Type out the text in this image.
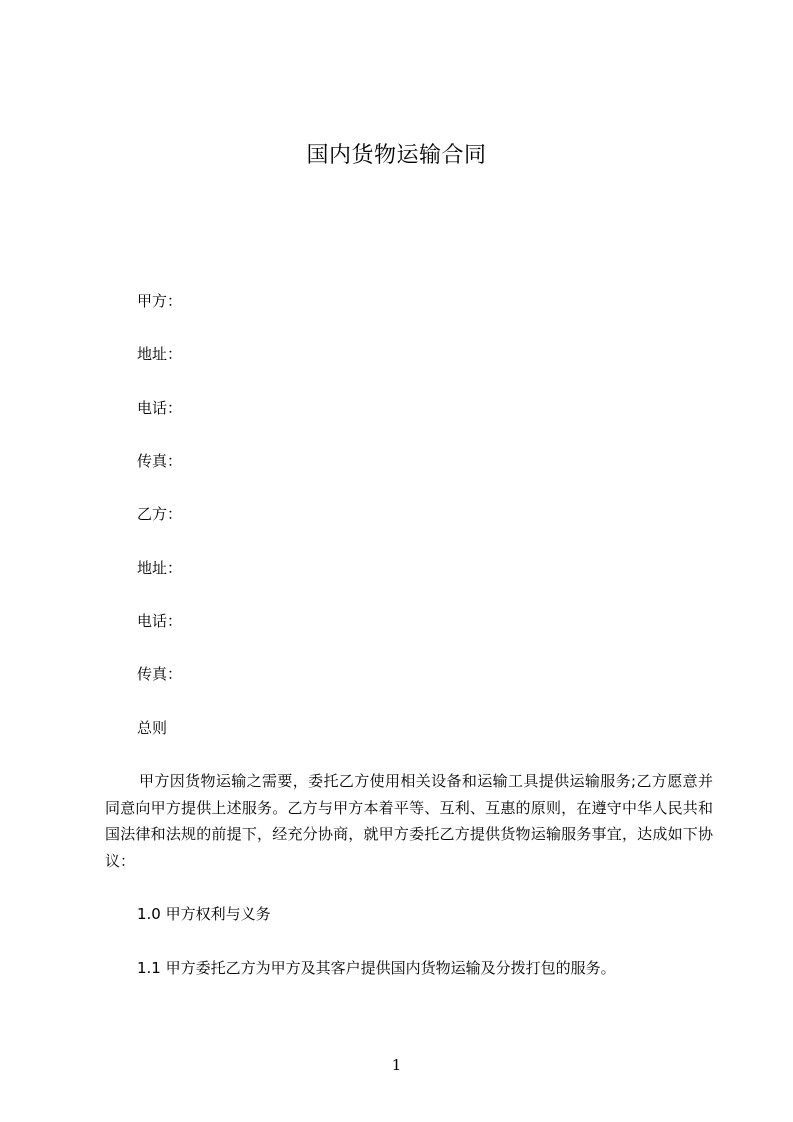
国内货物运输合同
甲方：
地址：
电话：
传真：
乙方：
地址：
电话：
传真：
总则
甲方因货物运输之需要，委托乙方使用相关设备和运输工具提供运输服务;乙方愿意并同意向甲方提供上述服务。乙方与甲方本着平等、互利、互惠的原则，在遵守中华人民共和国法律和法规的前提下，经充分协商，就甲方委托乙方提供货物运输服务事宜，达成如下协议：
1.0 甲方权利与义务
1.1 甲方委托乙方为甲方及其客户提供国内货物运输及分拨打包的服务。
1
